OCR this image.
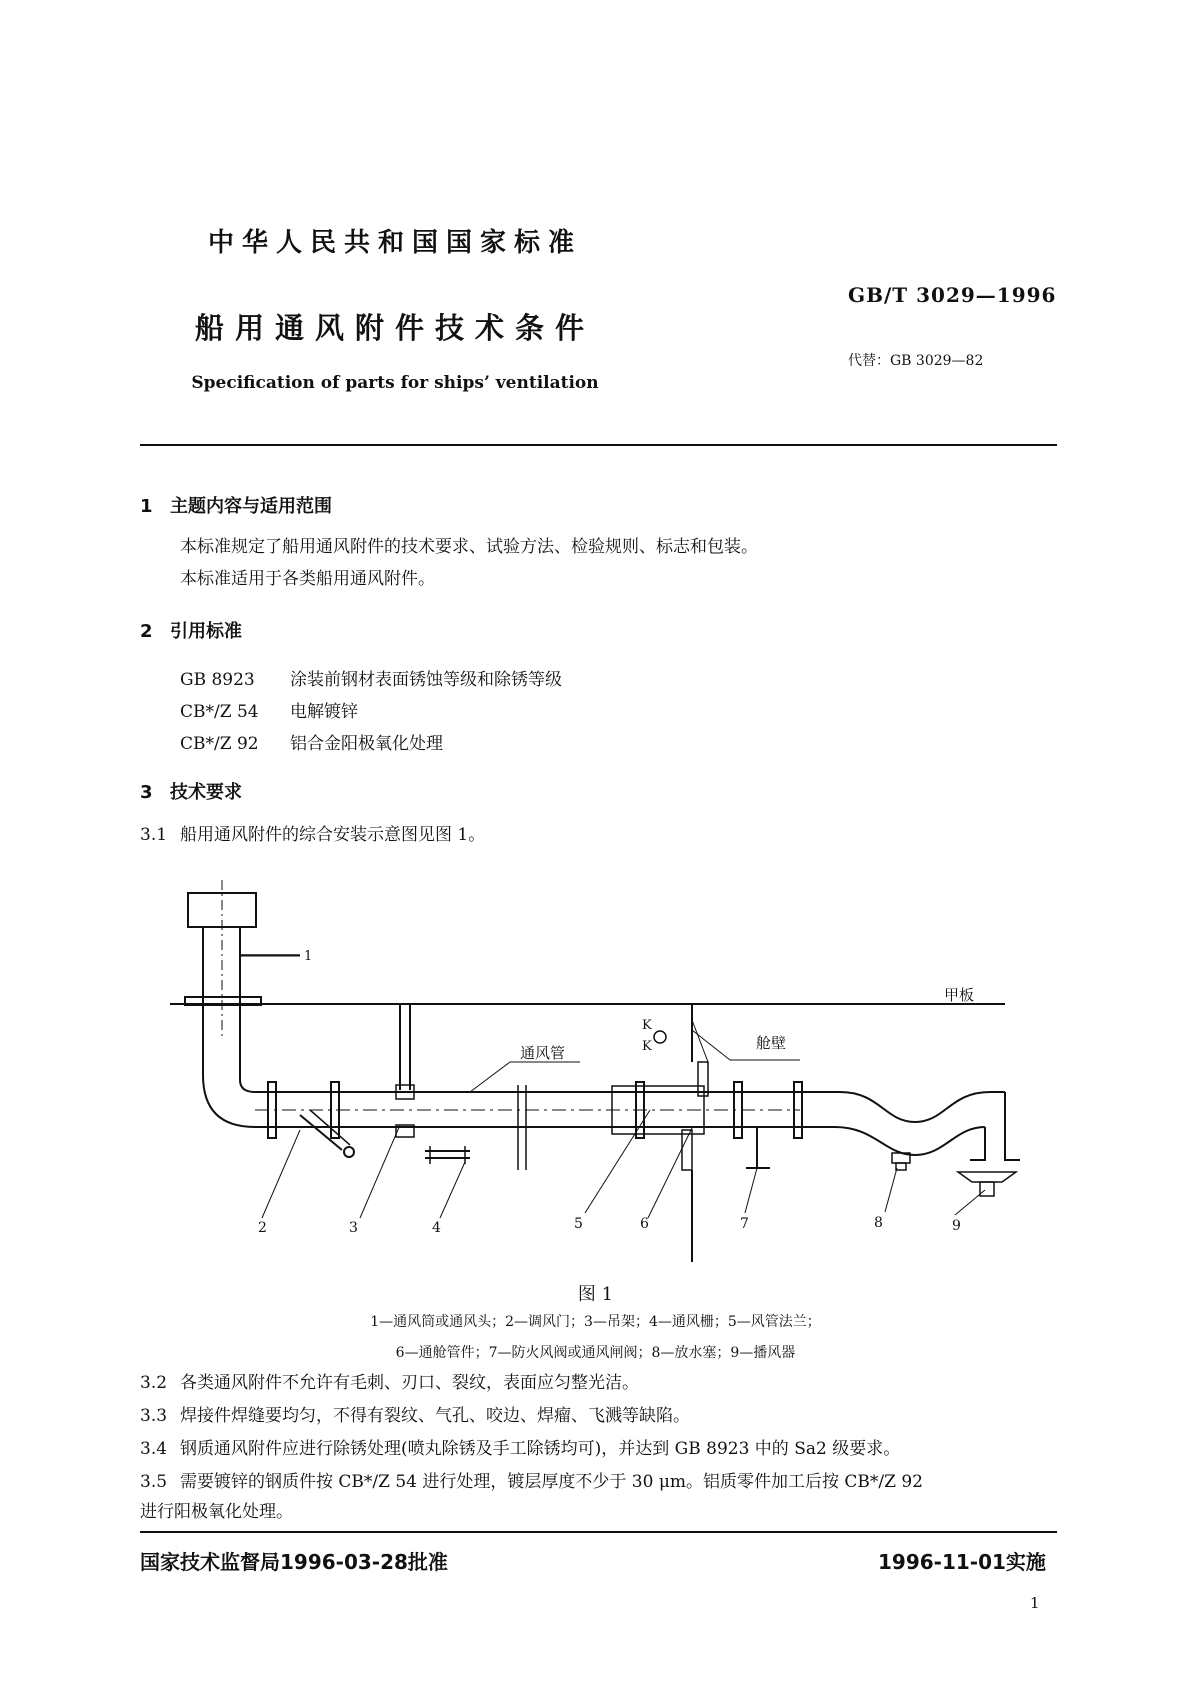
中华人民共和国国家标准
船用通风附件技术条件
Specification of parts for ships’ ventilation
GB/T 3029—1996
代替：GB 3029—82
1 主题内容与适用范围
本标准规定了船用通风附件的技术要求、试验方法、检验规则、标志和包装。
本标准适用于各类船用通风附件。
2 引用标准
GB 8923 涂装前钢材表面锈蚀等级和除锈等级
CB*/Z 54 电解镀锌
CB*/Z 92 铝合金阳极氧化处理
3 技术要求
3.1 船用通风附件的综合安装示意图见图 1。
甲板
通风管
舱壁
K
K
1
2	3	4	5	6	7	8	9
图 1
1—通风筒或通风头；2—调风门；3—吊架；4—通风栅；5—风管法兰；
6—通舱管件；7—防火风阀或通风闸阀；8—放水塞；9—播风器
3.2 各类通风附件不允许有毛刺、刃口、裂纹，表面应匀整光洁。
3.3 焊接件焊缝要均匀，不得有裂纹、气孔、咬边、焊瘤、飞溅等缺陷。
3.4 钢质通风附件应进行除锈处理(喷丸除锈及手工除锈均可)，并达到 GB 8923 中的 Sa2 级要求。
3.5 需要镀锌的钢质件按 CB*/Z 54 进行处理，镀层厚度不少于 30 μm。铝质零件加工后按 CB*/Z 92
进行阳极氧化处理。
国家技术监督局1996-03-28批准	1996-11-01实施
1
